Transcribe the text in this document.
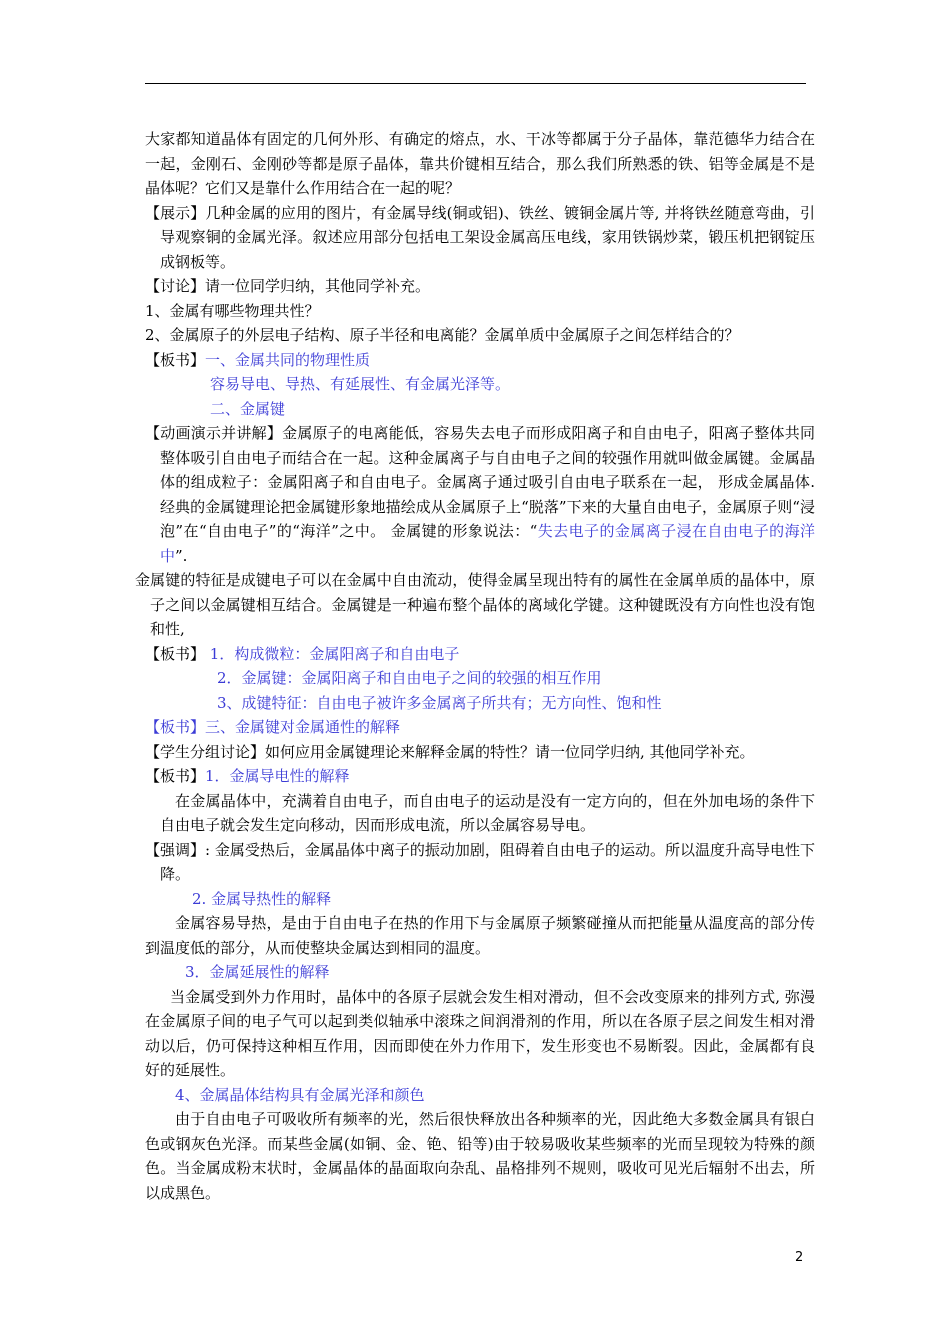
大家都知道晶体有固定的几何外形、有确定的熔点，水、干冰等都属于分子晶体，靠范德华力结合在一起，金刚石、金刚砂等都是原子晶体，靠共价键相互结合，那么我们所熟悉的铁、铝等金属是不是晶体呢？它们又是靠什么作用结合在一起的呢？

【展示】几种金属的应用的图片，有金属导线(铜或铝)、铁丝、镀铜金属片等, 并将铁丝随意弯曲，引导观察铜的金属光泽。叙述应用部分包括电工架设金属高压电线，家用铁锅炒菜，锻压机把钢锭压成钢板等。

【讨论】请一位同学归纳，其他同学补充。

1、金属有哪些物理共性？

2、金属原子的外层电子结构、原子半径和电离能？金属单质中金属原子之间怎样结合的？

【板书】一、金属共同的物理性质

容易导电、导热、有延展性、有金属光泽等。

二、金属键

【动画演示并讲解】金属原子的电离能低，容易失去电子而形成阳离子和自由电子，阳离子整体共同整体吸引自由电子而结合在一起。这种金属离子与自由电子之间的较强作用就叫做金属键。金属晶体的组成粒子：金属阳离子和自由电子。金属离子通过吸引自由电子联系在一起， 形成金属晶体. 经典的金属键理论把金属键形象地描绘成从金属原子上“脱落”下来的大量自由电子，金属原子则“浸泡”在“自由电子”的“海洋”之中。 金属键的形象说法：“失去电子的金属离子浸在自由电子的海洋中”.

金属键的特征是成键电子可以在金属中自由流动，使得金属呈现出特有的属性在金属单质的晶体中，原子之间以金属键相互结合。金属键是一种遍布整个晶体的离域化学键。这种键既没有方向性也没有饱和性,

【板书】 1．构成微粒：金属阳离子和自由电子

2．金属键：金属阳离子和自由电子之间的较强的相互作用

3、成键特征：自由电子被许多金属离子所共有；无方向性、饱和性

【板书】三、金属键对金属通性的解释

【学生分组讨论】如何应用金属键理论来解释金属的特性？请一位同学归纳, 其他同学补充。

【板书】1．金属导电性的解释

在金属晶体中，充满着自由电子，而自由电子的运动是没有一定方向的，但在外加电场的条件下自由电子就会发生定向移动，因而形成电流，所以金属容易导电。

【强调】: 金属受热后，金属晶体中离子的振动加剧，阻碍着自由电子的运动。所以温度升高导电性下降。

2. 金属导热性的解释

金属容易导热，是由于自由电子在热的作用下与金属原子频繁碰撞从而把能量从温度高的部分传到温度低的部分，从而使整块金属达到相同的温度。

3．金属延展性的解释

当金属受到外力作用时，晶体中的各原子层就会发生相对滑动，但不会改变原来的排列方式, 弥漫在金属原子间的电子气可以起到类似轴承中滚珠之间润滑剂的作用，所以在各原子层之间发生相对滑动以后，仍可保持这种相互作用，因而即使在外力作用下，发生形变也不易断裂。因此，金属都有良好的延展性。

4、金属晶体结构具有金属光泽和颜色

由于自由电子可吸收所有频率的光，然后很快释放出各种频率的光，因此绝大多数金属具有银白色或钢灰色光泽。而某些金属(如铜、金、铯、铅等)由于较易吸收某些频率的光而呈现较为特殊的颜色。当金属成粉末状时，金属晶体的晶面取向杂乱、晶格排列不规则，吸收可见光后辐射不出去，所以成黑色。

2
